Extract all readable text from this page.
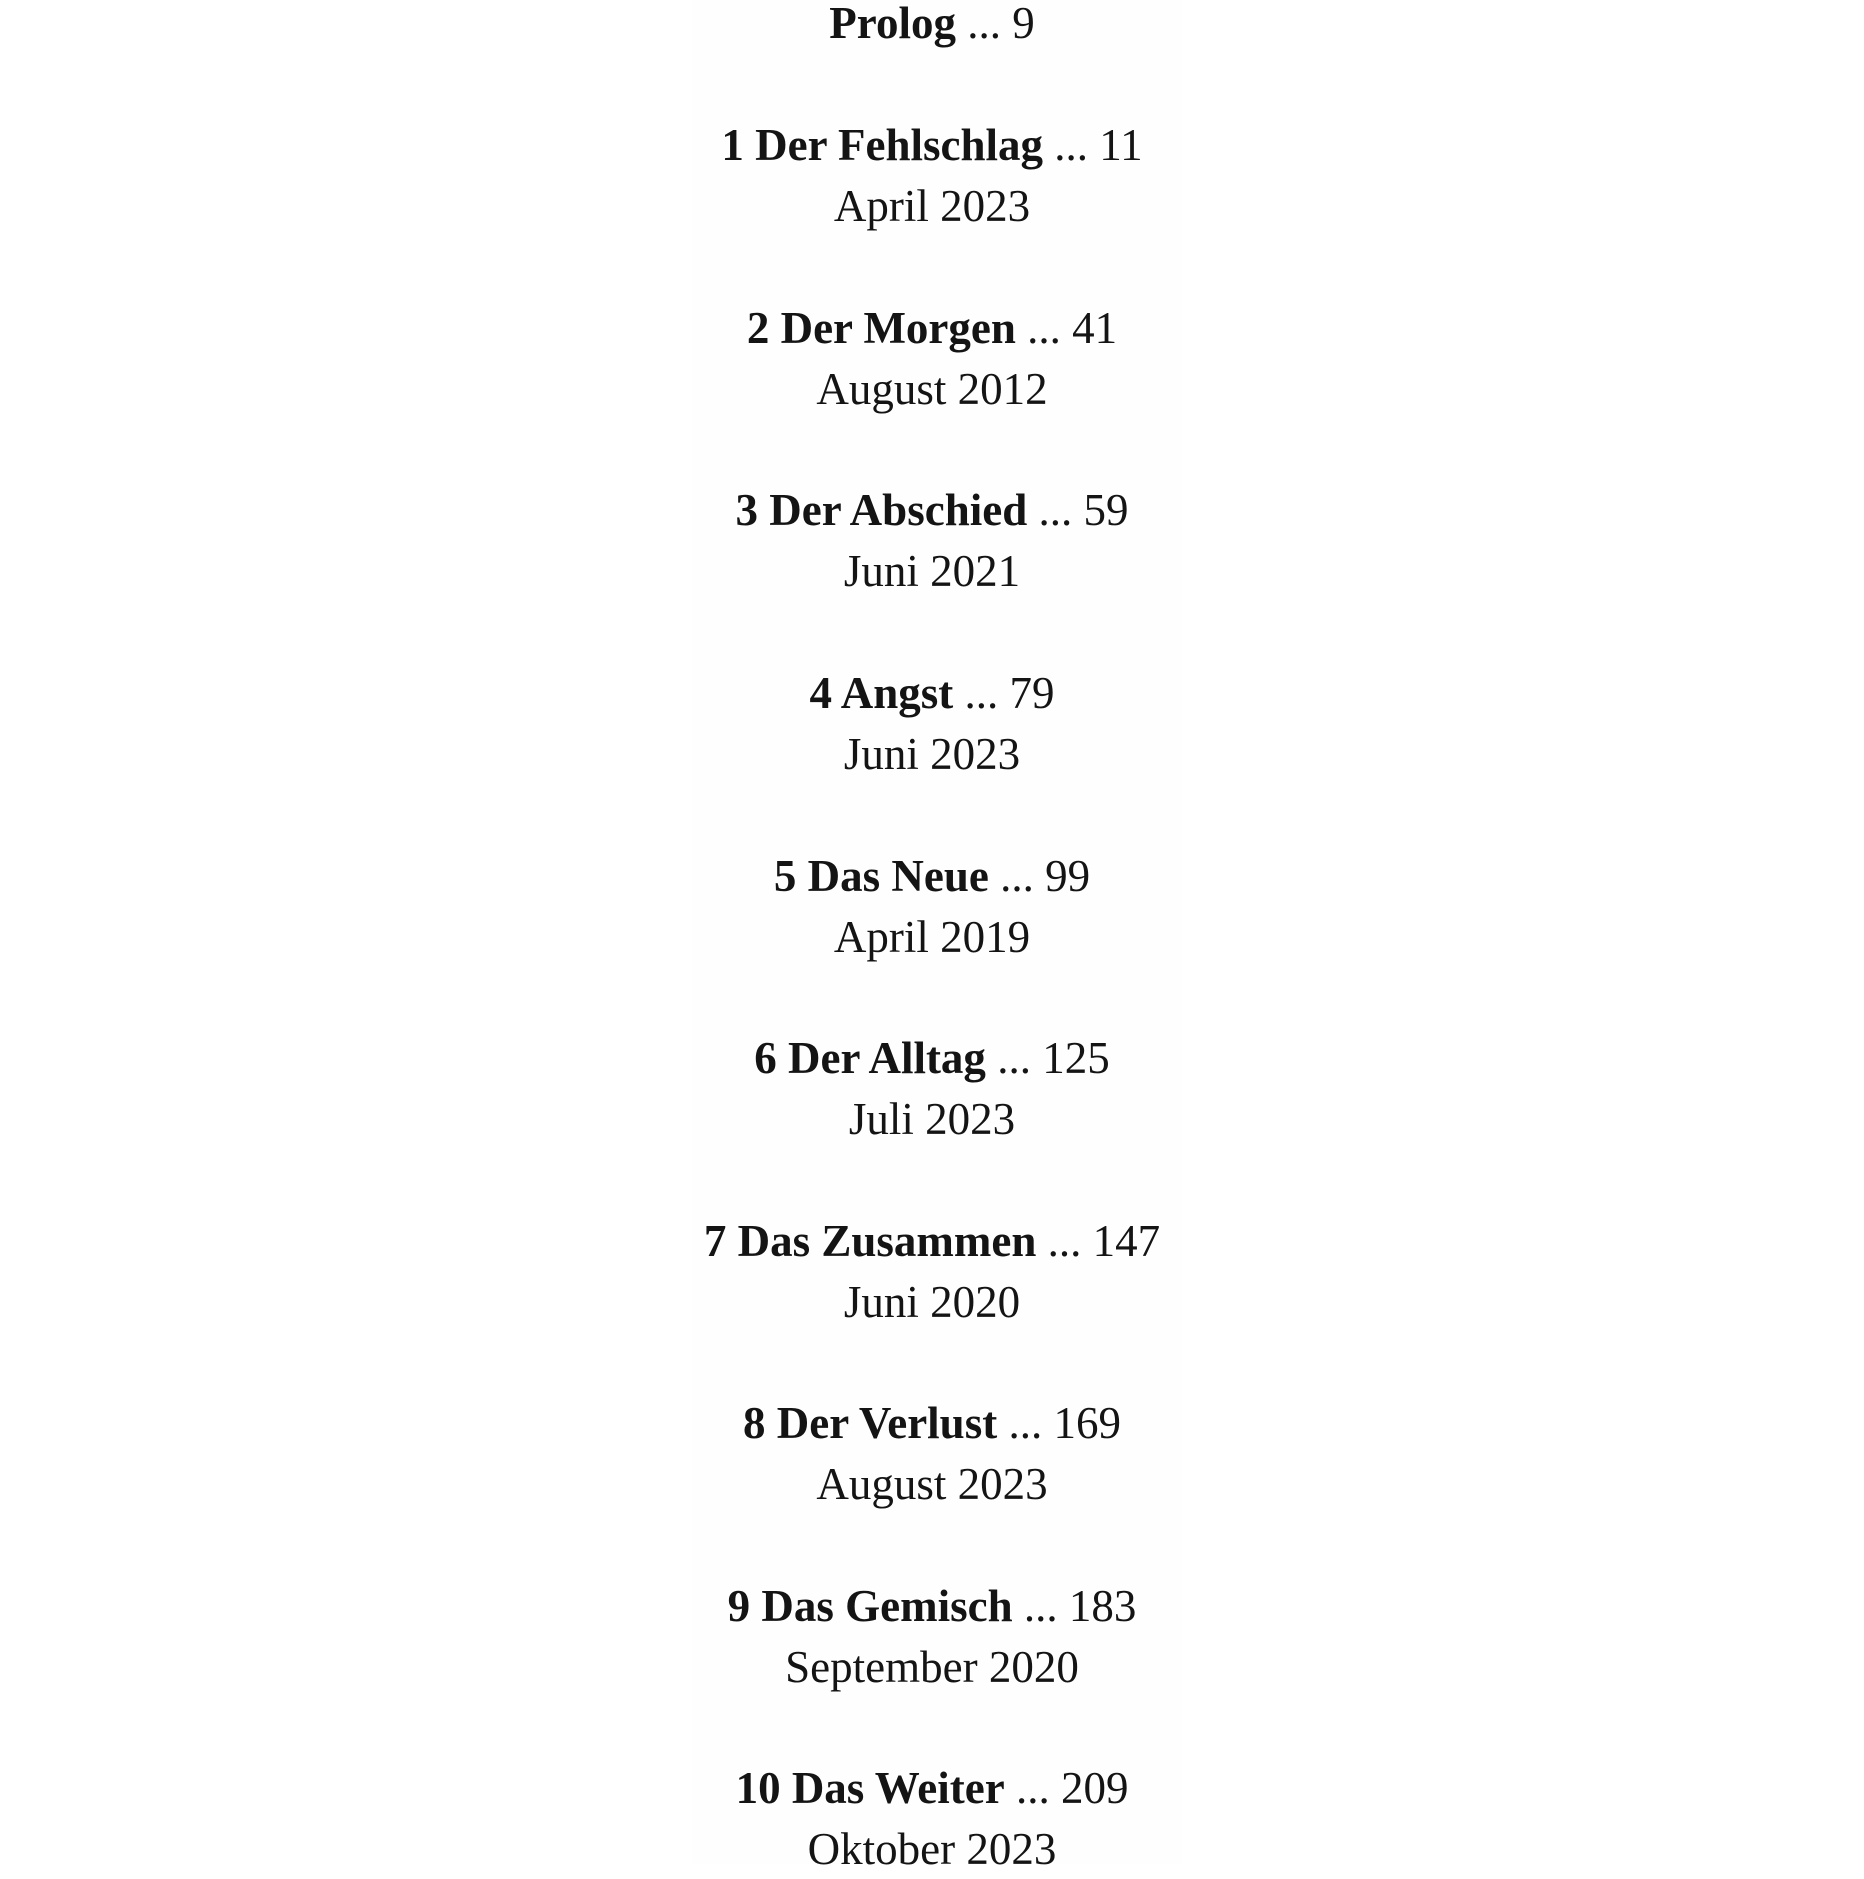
Prolog ... 9
1 Der Fehlschlag ... 11
April 2023
2 Der Morgen ... 41
August 2012
3 Der Abschied ... 59
Juni 2021
4 Angst ... 79
Juni 2023
5 Das Neue ... 99
April 2019
6 Der Alltag ... 125
Juli 2023
7 Das Zusammen ... 147
Juni 2020
8 Der Verlust ... 169
August 2023
9 Das Gemisch ... 183
September 2020
10 Das Weiter ... 209
Oktober 2023
